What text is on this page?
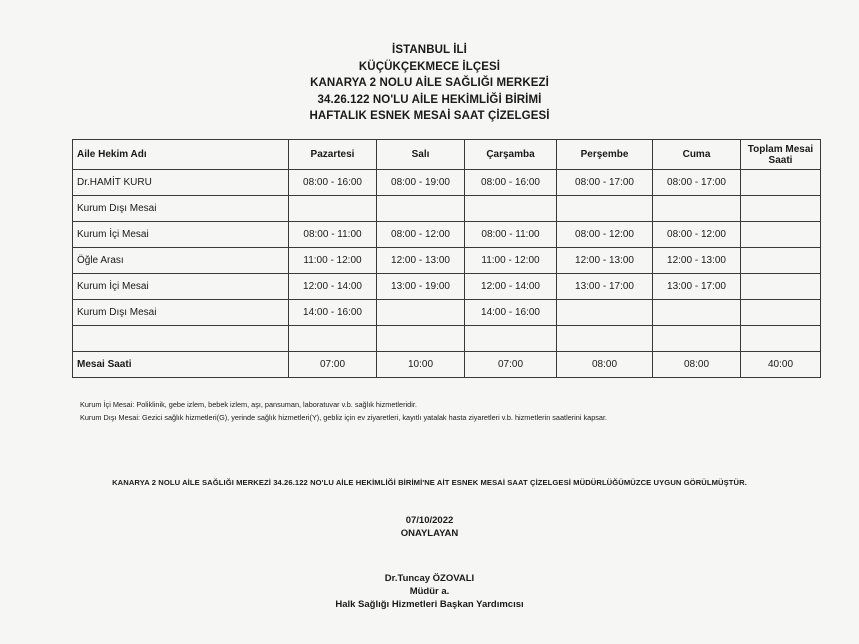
İSTANBUL İLİ
KÜÇÜKÇEKMECE İLÇESİ
KANARYA 2 NOLU AİLE SAĞLIĞI MERKEZİ
34.26.122 NO'LU AİLE HEKİMLİĞİ BİRİMİ
HAFTALIK ESNEK MESAİ SAAT ÇİZELGESİ
Aile Hekim Adı	Pazartesi	Salı	Çarşamba	Perşembe	Cuma	Toplam Mesai Saati
Dr.HAMİT KURU	08:00 - 16:00	08:00 - 19:00	08:00 - 16:00	08:00 - 17:00	08:00 - 17:00	
Kurum Dışı Mesai						
Kurum İçi Mesai	08:00 - 11:00	08:00 - 12:00	08:00 - 11:00	08:00 - 12:00	08:00 - 12:00	
Öğle Arası	11:00 - 12:00	12:00 - 13:00	11:00 - 12:00	12:00 - 13:00	12:00 - 13:00	
Kurum İçi Mesai	12:00 - 14:00	13:00 - 19:00	12:00 - 14:00	13:00 - 17:00	13:00 - 17:00	
Kurum Dışı Mesai	14:00 - 16:00		14:00 - 16:00			

Mesai Saati	07:00	10:00	07:00	08:00	08:00	40:00
Kurum İçi Mesai: Poliklinik, gebe izlem, bebek izlem, aşı, pansuman, laboratuvar v.b. sağlık hizmetleridir.
Kurum Dışı Mesai: Gezici sağlık hizmetleri(G), yerinde sağlık hizmetleri(Y), gebliz için ev ziyaretleri, kayıtlı yatalak hasta ziyaretleri v.b. hizmetlerin saatlerini kapsar.
KANARYA 2 NOLU AİLE SAĞLIĞI MERKEZİ 34.26.122 NO'LU AİLE HEKİMLİĞİ BİRİMİ'NE AİT ESNEK MESAİ SAAT ÇİZELGESİ MÜDÜRLÜĞÜMÜZCE UYGUN GÖRÜLMÜŞTÜR.
07/10/2022
ONAYLAYAN
Dr.Tuncay ÖZOVALI
Müdür a.
Halk Sağlığı Hizmetleri Başkan Yardımcısı
